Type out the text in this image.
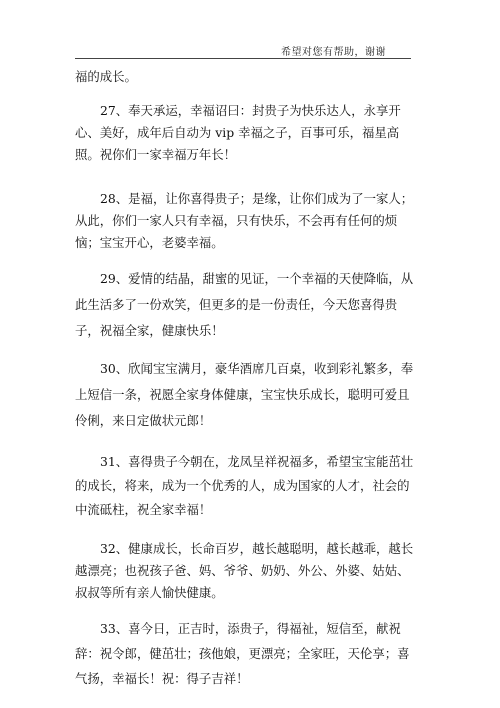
希望对您有帮助，谢谢

福的成长。

27、奉天承运，幸福诏曰：封贵子为快乐达人，永享开心、美好，成年后自动为 vip 幸福之子，百事可乐，福星高照。祝你们一家幸福万年长！

28、是福，让你喜得贵子；是缘，让你们成为了一家人；从此，你们一家人只有幸福，只有快乐，不会再有任何的烦恼；宝宝开心，老婆幸福。

29、爱情的结晶，甜蜜的见证，一个幸福的天使降临，从此生活多了一份欢笑，但更多的是一份责任，今天您喜得贵子，祝福全家，健康快乐！

30、欣闻宝宝满月，豪华酒席几百桌，收到彩礼繁多，奉上短信一条，祝愿全家身体健康，宝宝快乐成长，聪明可爱且伶俐，来日定做状元郎！

31、喜得贵子今朝在，龙凤呈祥祝福多，希望宝宝能茁壮的成长，将来，成为一个优秀的人，成为国家的人才，社会的中流砥柱，祝全家幸福！

32、健康成长，长命百岁，越长越聪明，越长越乖，越长越漂亮；也祝孩子爸、妈、爷爷、奶奶、外公、外婆、姑姑、叔叔等所有亲人愉快健康。

33、喜今日，正吉时，添贵子，得福祉，短信至，献祝辞：祝令郎，健茁壮；孩他娘，更漂亮；全家旺，天伦享；喜气扬，幸福长！祝：得子吉祥！
